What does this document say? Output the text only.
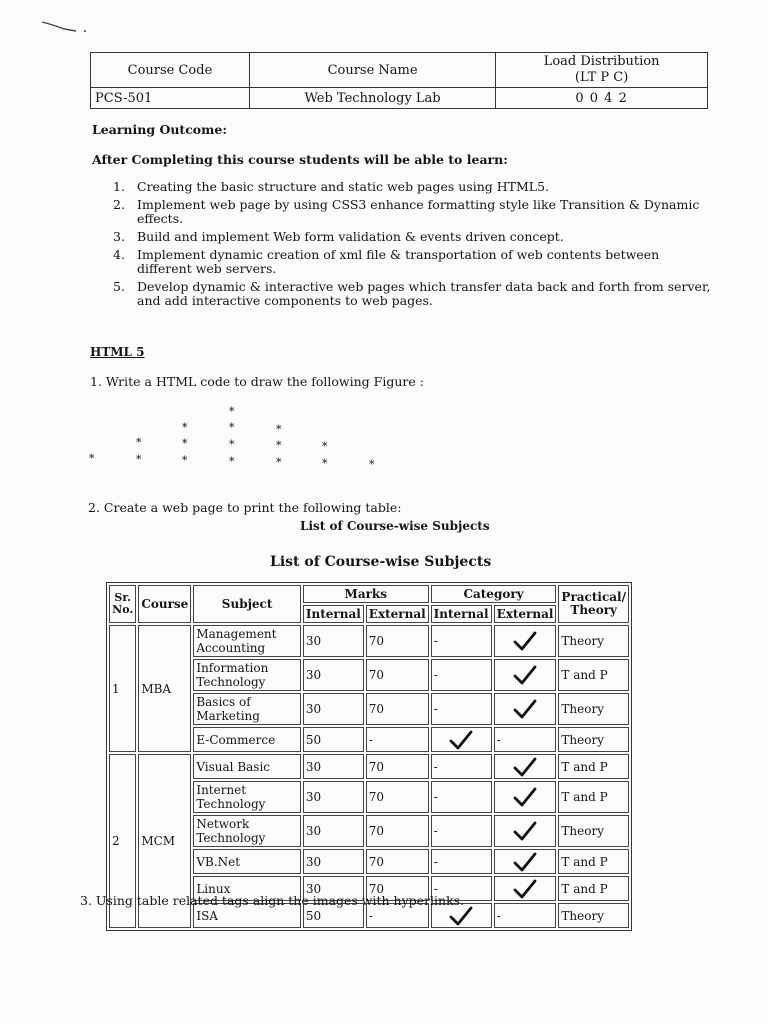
Course Code	Course Name	Load Distribution
(LT P C)
PCS-501	Web Technology Lab	0 0 4 2
Learning Outcome:
After Completing this course students will be able to learn:
1. Creating the basic structure and static web pages using HTML5.
2. Implement web page by using CSS3 enhance formatting style like Transition & Dynamic effects.
3. Build and implement Web form validation & events driven concept.
4. Implement dynamic creation of xml file & transportation of web contents between different web servers.
5. Develop dynamic & interactive web pages which transfer data back and forth from server, and add interactive components to web pages.
HTML 5
1. Write a HTML code to draw the following Figure :
*
*	*	*
*	*	*	*	*
*	*	*	*	*	*	*
2. Create a web page to print the following table:
List of Course-wise Subjects
List of Course-wise Subjects
Sr. No.	Course	Subject	Marks		Category		Practical/ Theory
			Internal	External	Internal	External	
1	MBA	Management Accounting	30	70	-		Theory
		Information Technology	30	70	-		T and P
		Basics of Marketing	30	70	-		Theory
		E-Commerce	50	-		-	Theory
2	MCM	Visual Basic	30	70	-		T and P
		Internet Technology	30	70	-		T and P
		Network Technology	30	70	-		Theory
		VB.Net	30	70	-		T and P
		Linux	30	70	-		T and P
		ISA	50	-		-	Theory
3. Using table related tags align the images with hyperlinks.
